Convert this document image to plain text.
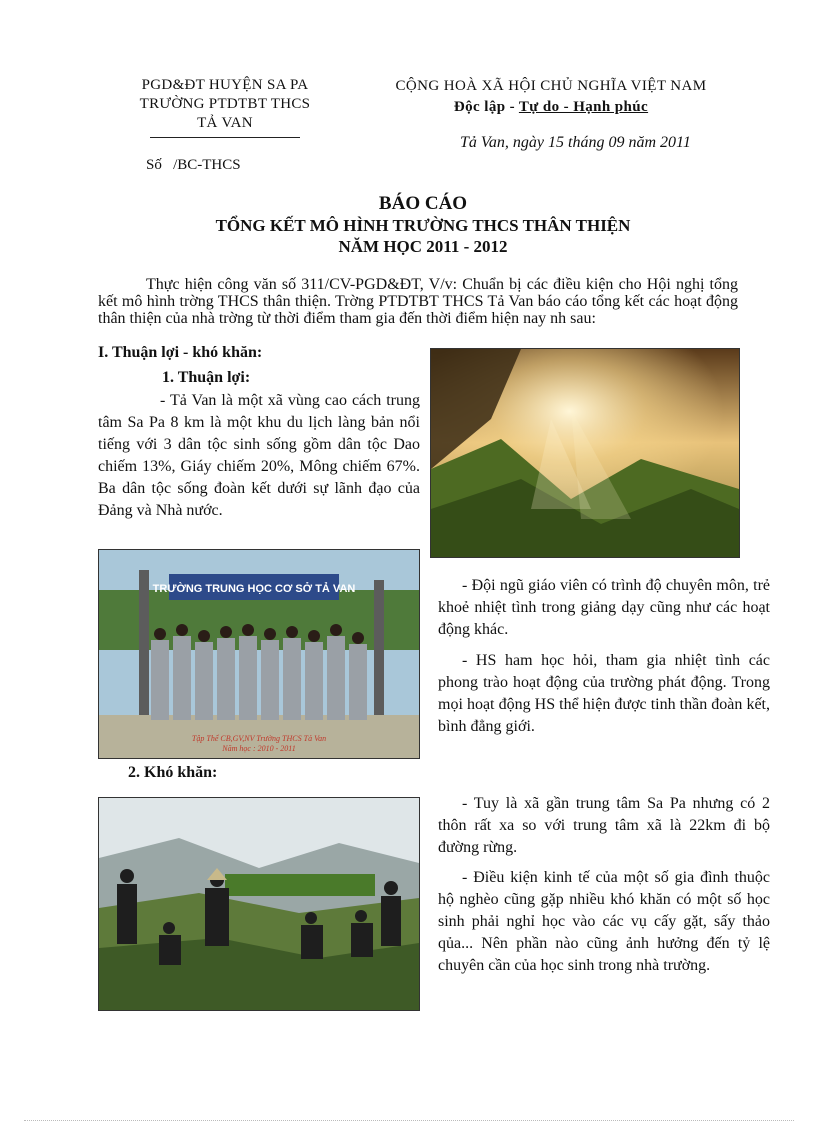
PGD&ĐT HUYỆN SA PA
TRƯỜNG PTDTBT THCS
TẢ VAN
CỘNG HOÀ XÃ HỘI CHỦ NGHĨA VIỆT NAM
Độc lập - Tự do - Hạnh phúc
Tả Van, ngày 15 tháng 09 năm 2011
Số   /BC-THCS
BÁO CÁO
TỔNG KẾT MÔ HÌNH TRƯỜNG THCS THÂN THIỆN
NĂM HỌC 2011 - 2012
Thực hiện công văn số 311/CV-PGD&ĐT, V/v: Chuẩn bị các điều kiện cho Hội nghị tổng kết mô hình trờng THCS thân thiện. Trờng PTDTBT THCS Tả Van báo cáo tổng kết các hoạt động thân thiện của nhà trờng từ thời điểm tham gia đến thời điểm hiện nay nh sau:
I. Thuận lợi - khó khăn:
1. Thuận lợi:
- Tả Van là một xã vùng cao cách trung tâm Sa Pa 8 km là một khu du lịch làng bản nổi tiếng với 3 dân tộc sinh sống gồm dân tộc Dao chiếm 13%, Giáy chiếm 20%, Mông chiếm 67%. Ba dân tộc sống đoàn kết dưới sự lãnh đạo của Đảng và Nhà nước.
TRƯỜNG TRUNG HỌC CƠ SỞ TẢ VAN
Tập Thể CB,GV,NV Trường THCS Tả Van
Năm học : 2010 - 2011
- Đội ngũ giáo viên có trình độ chuyên môn, trẻ khoẻ nhiệt tình trong giảng dạy cũng như các hoạt động khác.
- HS ham học hỏi, tham gia nhiệt tình các phong trào hoạt động của trường phát động. Trong mọi hoạt động HS thể hiện được tinh thần đoàn kết, bình đẳng giới.
2. Khó khăn:
- Tuy là xã gần trung tâm Sa Pa nhưng có 2 thôn rất xa so với trung tâm xã là 22km đi bộ đường rừng.
- Điều kiện kinh tế của một số gia đình thuộc hộ nghèo cũng gặp nhiều khó khăn có một số học sinh phải nghỉ học vào các vụ cấy gặt, sấy thảo qủa... Nên phần nào cũng ảnh hưởng đến tỷ lệ chuyên cần của học sinh trong nhà trường.
